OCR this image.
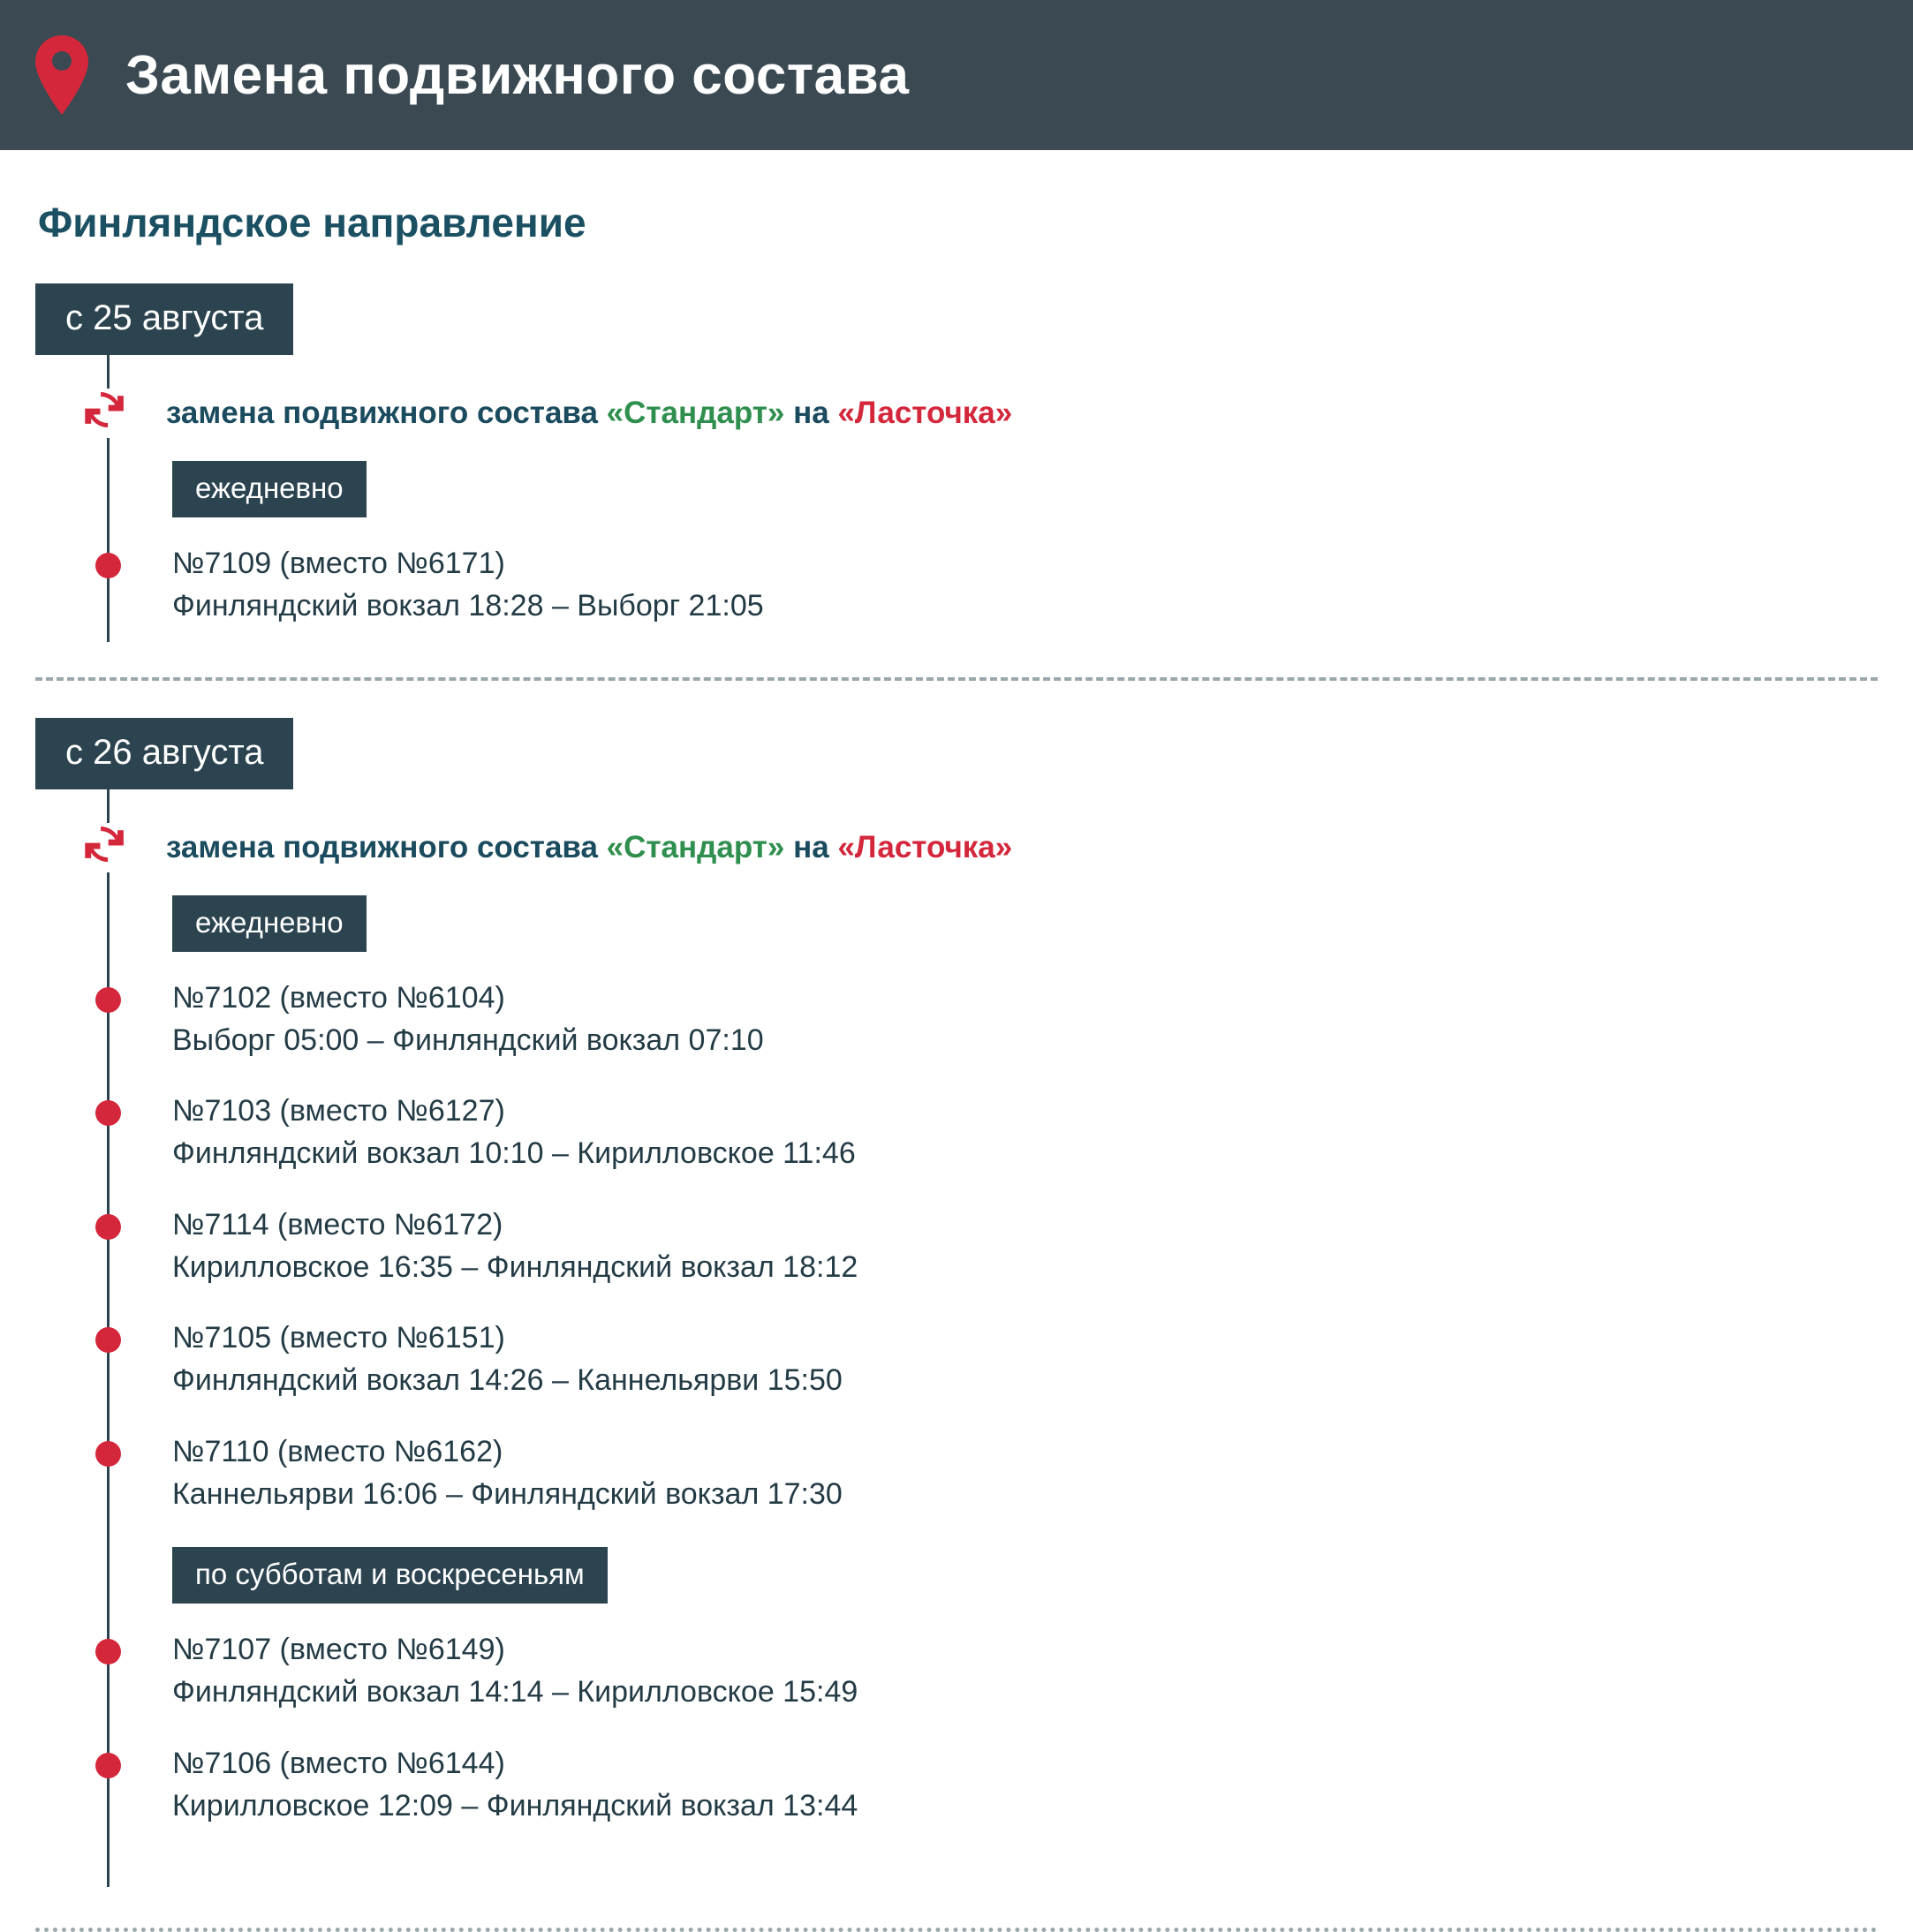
Замена подвижного состава
Финляндское направление
с 25 августа
замена подвижного состава «Стандарт» на «Ласточка»
ежедневно
№7109 (вместо №6171)
Финляндский вокзал 18:28 – Выборг 21:05
с 26 августа
замена подвижного состава «Стандарт» на «Ласточка»
ежедневно
№7102 (вместо №6104)
Выборг 05:00 – Финляндский вокзал 07:10
№7103 (вместо №6127)
Финляндский вокзал 10:10 – Кирилловское 11:46
№7114 (вместо №6172)
Кирилловское 16:35 – Финляндский вокзал 18:12
№7105 (вместо №6151)
Финляндский вокзал 14:26 – Каннельярви 15:50
№7110 (вместо №6162)
Каннельярви 16:06 – Финляндский вокзал 17:30
по субботам и воскресеньям
№7107 (вместо №6149)
Финляндский вокзал 14:14 – Кирилловское 15:49
№7106 (вместо №6144)
Кирилловское 12:09 – Финляндский вокзал 13:44
